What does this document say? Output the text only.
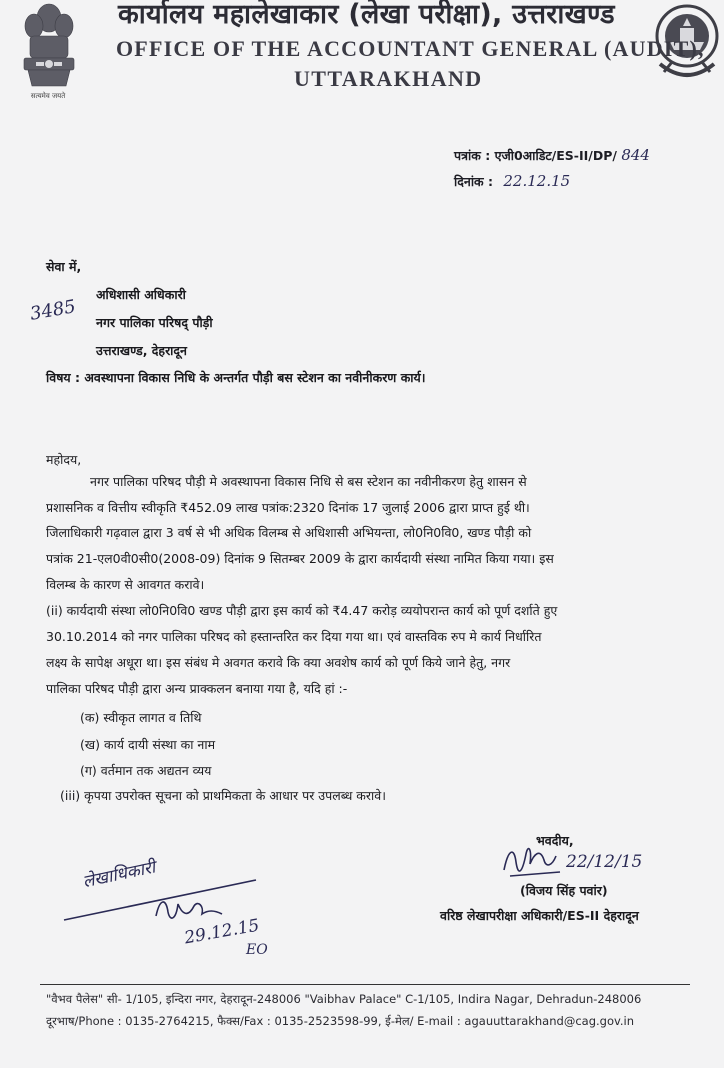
सत्यमेव जयते
कार्यालय महालेखाकार (लेखा परीक्षा), उत्तराखण्ड
OFFICE OF THE ACCOUNTANT GENERAL (AUDIT),
UTTARAKHAND
पत्रांक : एजी0आडिट/ES-II/DP/ 844
दिनांक : 22.12.15
सेवा में,
3485
अधिशासी अधिकारी
नगर पालिका परिषद् पौड़ी
उत्तराखण्ड, देहरादून
विषय : अवस्थापना विकास निधि के अन्तर्गत पौड़ी बस स्टेशन का नवीनीकरण कार्य।
महोदय,
नगर पालिका परिषद पौड़ी मे अवस्थापना विकास निधि से बस स्टेशन का नवीनीकरण हेतु शासन से
प्रशासनिक व वित्तीय स्वीकृति ₹452.09 लाख पत्रांक:2320 दिनांक 17 जुलाई 2006 द्वारा प्राप्त हुई थी।
जिलाधिकारी गढ़वाल द्वारा 3 वर्ष से भी अधिक विलम्ब से अधिशासी अभियन्ता, लो0नि0वि0, खण्ड पौड़ी को
पत्रांक 21-एल0वी0सी0(2008-09) दिनांक 9 सितम्बर 2009 के द्वारा कार्यदायी संस्था नामित किया गया। इस
विलम्ब के कारण से आवगत करावे।
(ii) कार्यदायी संस्था लो0नि0वि0 खण्ड पौड़ी द्वारा इस कार्य को ₹4.47 करोड़ व्ययोपरान्त कार्य को पूर्ण दर्शाते हुए
30.10.2014 को नगर पालिका परिषद को हस्तान्तरित कर दिया गया था। एवं वास्तविक रुप मे कार्य निर्धारित
लक्ष्य के सापेक्ष अधूरा था। इस संबंध मे अवगत करावे कि क्या अवशेष कार्य को पूर्ण किये जाने हेतु, नगर
पालिका परिषद पौड़ी द्वारा अन्य प्राक्कलन बनाया गया है, यदि हां :-
(क) स्वीकृत लागत व तिथि
(ख) कार्य दायी संस्था का नाम
(ग) वर्तमान तक अद्यतन व्यय
(iii) कृपया उपरोक्त सूचना को प्राथमिकता के आधार पर उपलब्ध करावे।
भवदीय,
22/12/15
(विजय सिंह पवांर)
वरिष्ठ लेखापरीक्षा अधिकारी/ES-II देहरादून
लेखाधिकारी
29.12.15
EO
"वैभव पैलेस" सी- 1/105, इन्दिरा नगर, देहरादून-248006 "Vaibhav Palace" C-1/105, Indira Nagar, Dehradun-248006
दूरभाष/Phone : 0135-2764215, फैक्स/Fax : 0135-2523598-99, ई-मेल/ E-mail : agauuttarakhand@cag.gov.in
